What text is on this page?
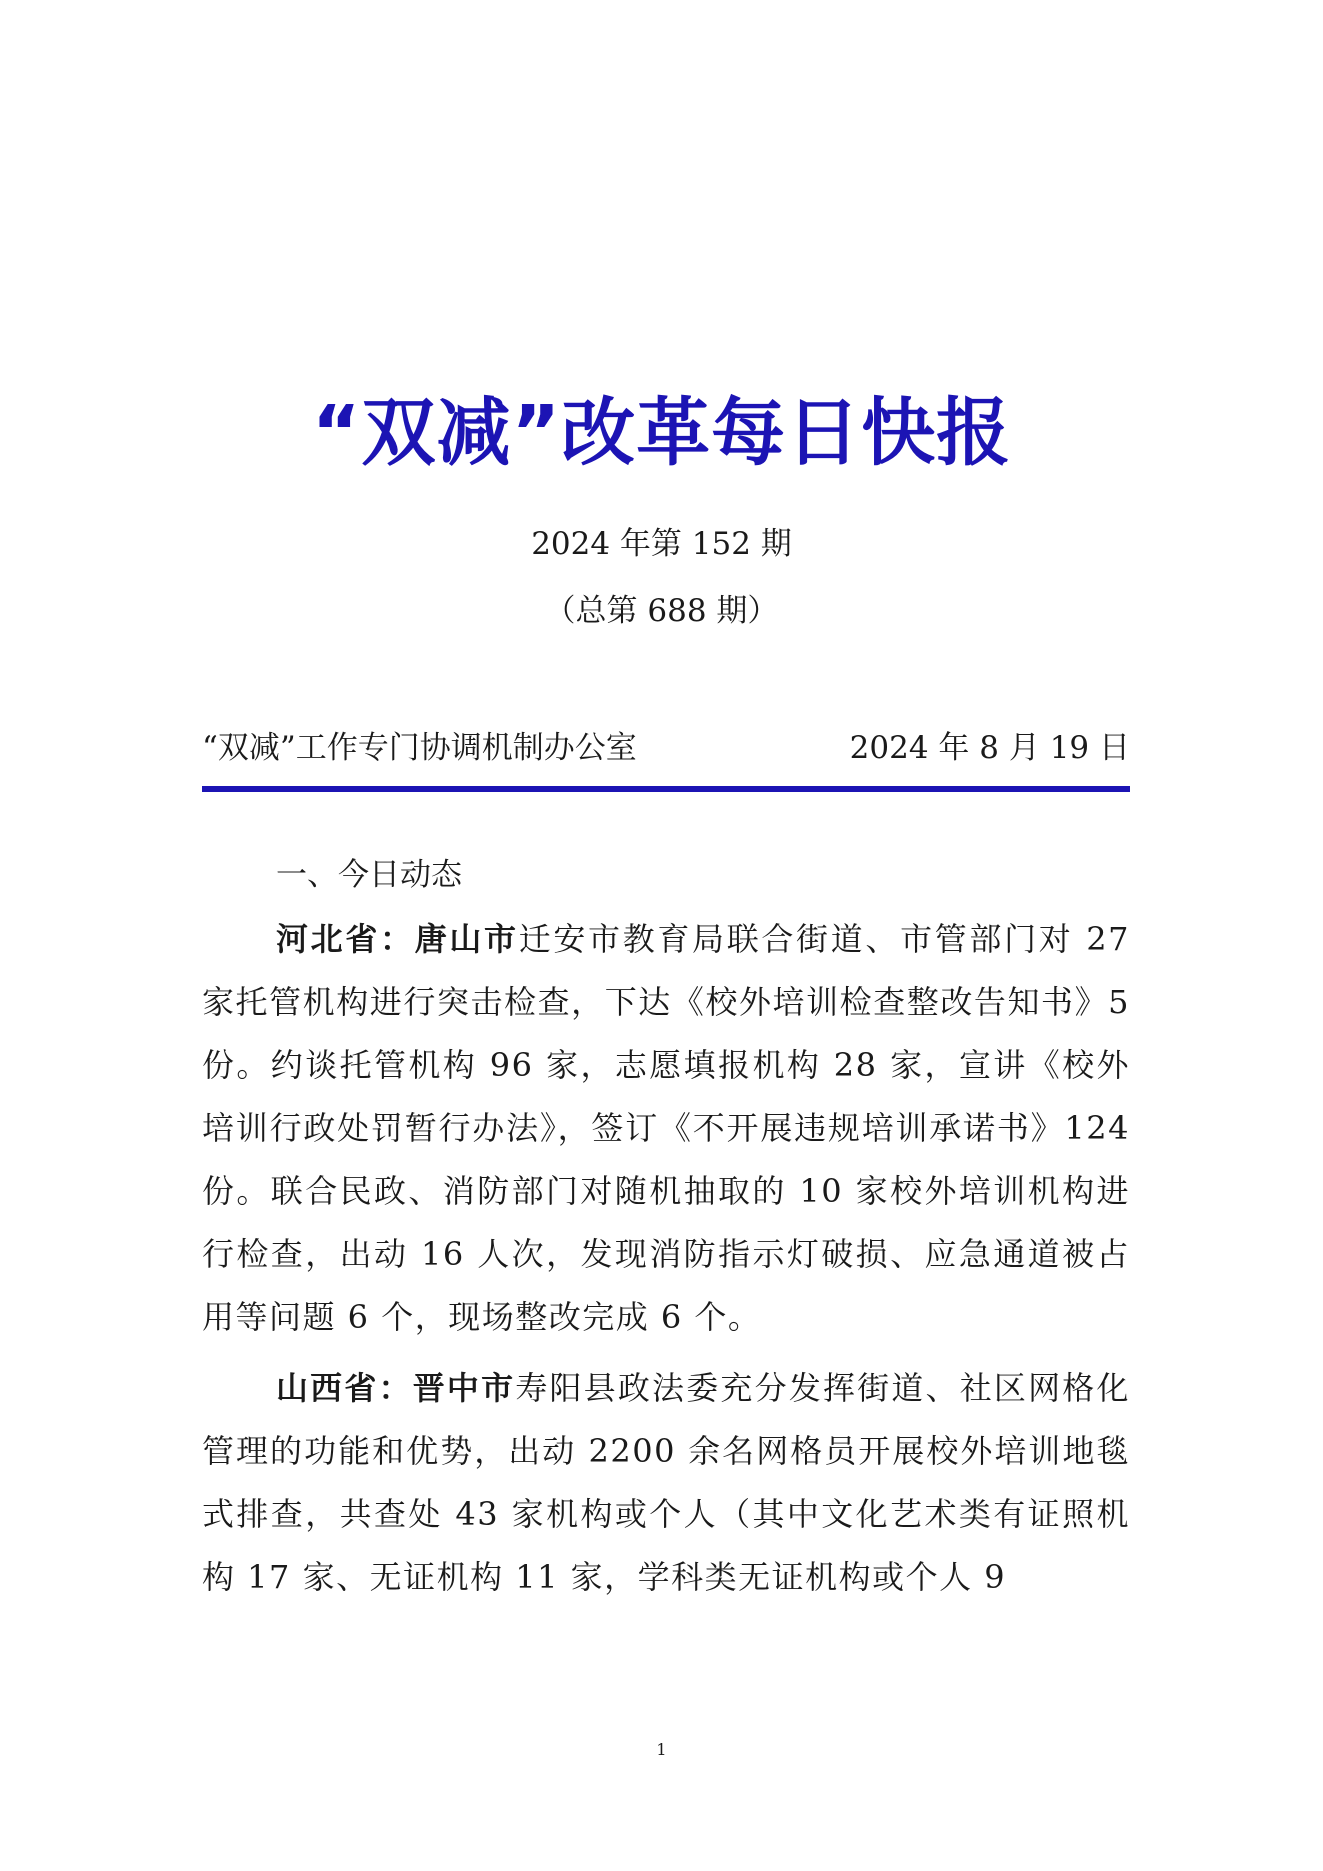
“双减”改革每日快报
2024 年第 152 期
（总第 688 期）
“双减”工作专门协调机制办公室	2024 年 8 月 19 日
一、今日动态

河北省：唐山市迁安市教育局联合街道、市管部门对 27 家托管机构进行突击检查，下达《校外培训检查整改告知书》5 份。约谈托管机构 96 家，志愿填报机构 28 家，宣讲《校外培训行政处罚暂行办法》，签订《不开展违规培训承诺书》124 份。联合民政、消防部门对随机抽取的 10 家校外培训机构进行检查，出动 16 人次，发现消防指示灯破损、应急通道被占用等问题 6 个，现场整改完成 6 个。

山西省：晋中市寿阳县政法委充分发挥街道、社区网格化管理的功能和优势，出动 2200 余名网格员开展校外培训地毯式排查，共查处 43 家机构或个人（其中文化艺术类有证照机构 17 家、无证机构 11 家，学科类无证机构或个人 9

1
